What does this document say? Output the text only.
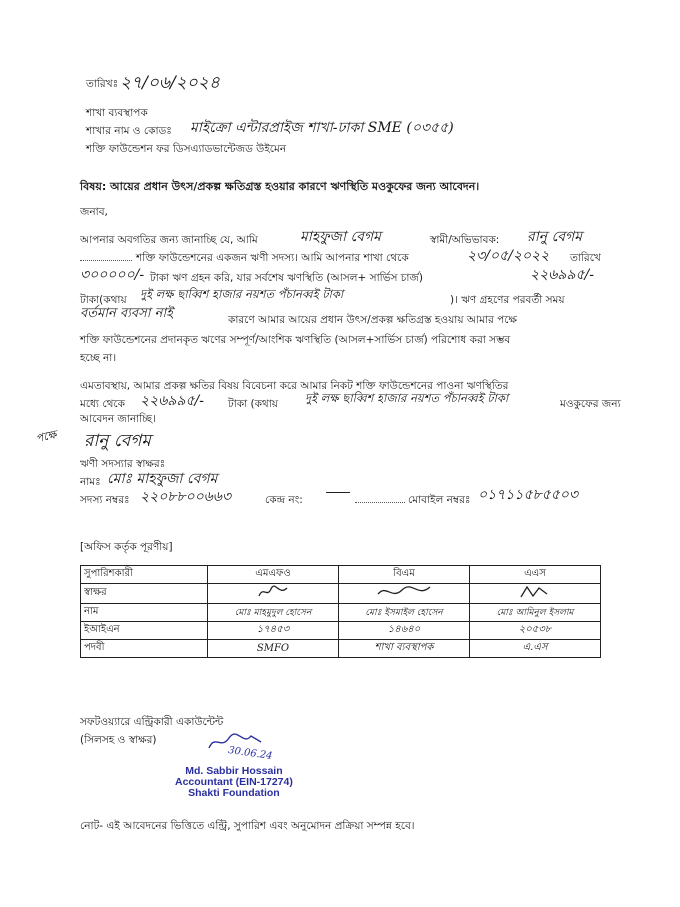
তারিখঃ ২৭/০৬/২০২৪
শাখা ব্যবস্থাপক
শাখার নাম ও কোডঃ মাইক্রো এন্টারপ্রাইজ শাখা-ঢাকা SME (০৩৫৫)
শক্তি ফাউন্ডেশন ফর ডিসএ্যাডভান্টেজড উইমেন
বিষয়: আয়ের প্রধান উৎস/প্রকল্প ক্ষতিগ্রস্ত হওয়ার কারণে ঋণস্থিতি মওকুফের জন্য আবেদন।
জনাব,
আপনার অবগতির জন্য জানাচ্ছি যে, আমি	মাহফুজা বেগম	স্বামী/অভিভাবক: রানু বেগম
শক্তি ফাউন্ডেশনের একজন ঋণী সদস্য। আমি আপনার শাখা থেকে	২৩/০৫/২০২২ তারিখে
৩০০০০০/- টাকা ঋণ গ্রহন করি, যার সর্বশেষ ঋণস্থিতি (আসল+ সার্ভিস চার্জ)	২২৬৯৯৫/-
টাকা(কথায় দুই লক্ষ ছাব্বিশ হাজার নয়শত পঁচানব্বই টাকা	)। ঋণ গ্রহণের পরবর্তী সময়
বর্তমান ব্যবসা নাই	কারণে আমার আয়ের প্রধান উৎস/প্রকল্প ক্ষতিগ্রস্ত হওয়ায় আমার পক্ষে
শক্তি ফাউন্ডেশনের প্রদানকৃত ঋণের সম্পূর্ণ/আংশিক ঋণস্থিতি (আসল+সার্ভিস চার্জ) পরিশোধ করা সম্ভব
হচ্ছে না।
এমতাবস্থায়, আমার প্রকল্প ক্ষতির বিষয় বিবেচনা করে আমার নিকট শক্তি ফাউন্ডেশনের পাওনা ঋণস্থিতির
মধ্যে থেকে ২২৬৯৯৫/- টাকা (কথায় দুই লক্ষ ছাব্বিশ হাজার নয়শত পঁচানব্বই টাকা	মওকুফের জন্য
আবেদন জানাচ্ছি।
পক্ষে রানু বেগম
ঋণী সদস্যার স্বাক্ষরঃ
নামঃ মোঃ মাহফুজা বেগম
সদস্য নম্বরঃ ২২০৮৮০০৬৬৩	কেন্দ্র নং:	মোবাইল নম্বরঃ ০১৭১১৫৮৫৫০৩
[অফিস কর্তৃক পূরণীয়]
সুপারিশকারী	এমএফও	বিএম	এএস
স্বাক্ষর			
নাম	মোঃ মাহমুদুল হোসেন	মোঃ ইসমাইল হোসেন	মোঃ আমিনুল ইসলাম
ইআইএন	১৭৪৫৩	১৪৬৪০	২০৫৩৮
পদবী	SMFO	শাখা ব্যবস্থাপক	এ.এস
সফটওয়্যারে এন্ট্রিকারী একাউন্টেন্ট
(সিলসহ ও স্বাক্ষর)
30.06.24
Md. Sabbir Hossain
Accountant (EIN-17274)
Shakti Foundation
নোট- এই আবেদনের ভিত্তিতে এন্ট্রি, সুপারিশ এবং অনুমোদন প্রক্রিয়া সম্পন্ন হবে।
